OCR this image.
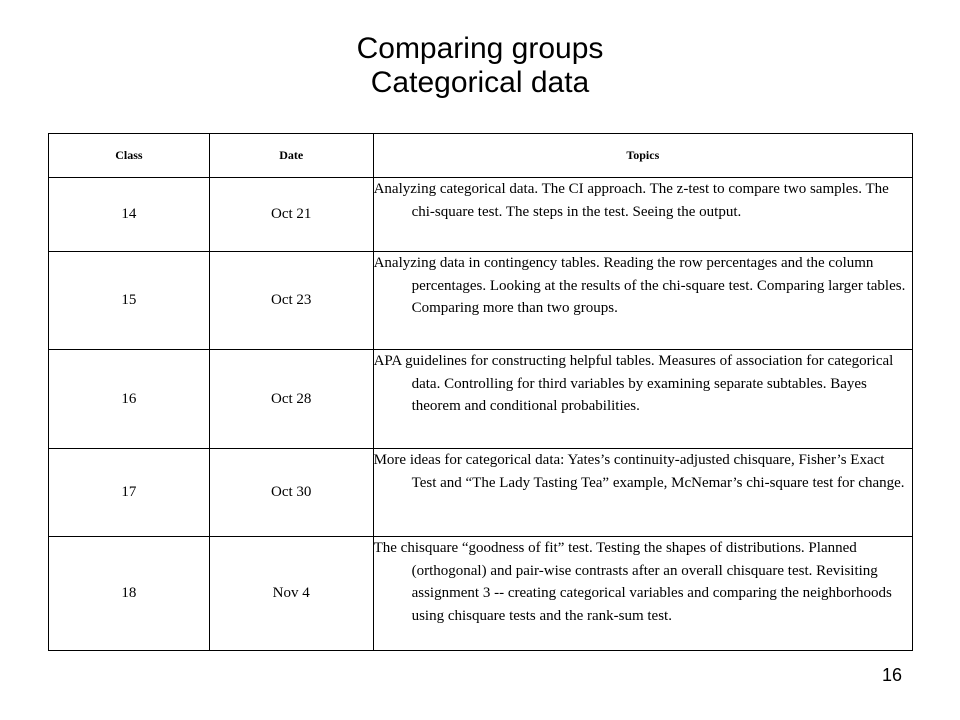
Comparing groups
Categorical data
Class	Date	Topics
14	Oct 21	Analyzing categorical data. The CI approach. The z-test to compare two samples. The chi-square test. The steps in the test. Seeing the output.

15	Oct 23	Analyzing data in contingency tables. Reading the row percentages and the column percentages. Looking at the results of the chi-square test. Comparing larger tables. Comparing more than two groups.

16	Oct 28	APA guidelines for constructing helpful tables. Measures of association for categorical data. Controlling for third variables by examining separate subtables. Bayes theorem and conditional probabilities.

17	Oct 30	More ideas for categorical data: Yates’s continuity-adjusted chisquare, Fisher’s Exact Test and “The Lady Tasting Tea” example, McNemar’s chi-square test for change.

18	Nov 4	The chisquare “goodness of fit” test. Testing the shapes of distributions. Planned (orthogonal) and pair-wise contrasts after an overall chisquare test. Revisiting assignment 3 -- creating categorical variables and comparing the neighborhoods using chisquare tests and the rank-sum test.

16
